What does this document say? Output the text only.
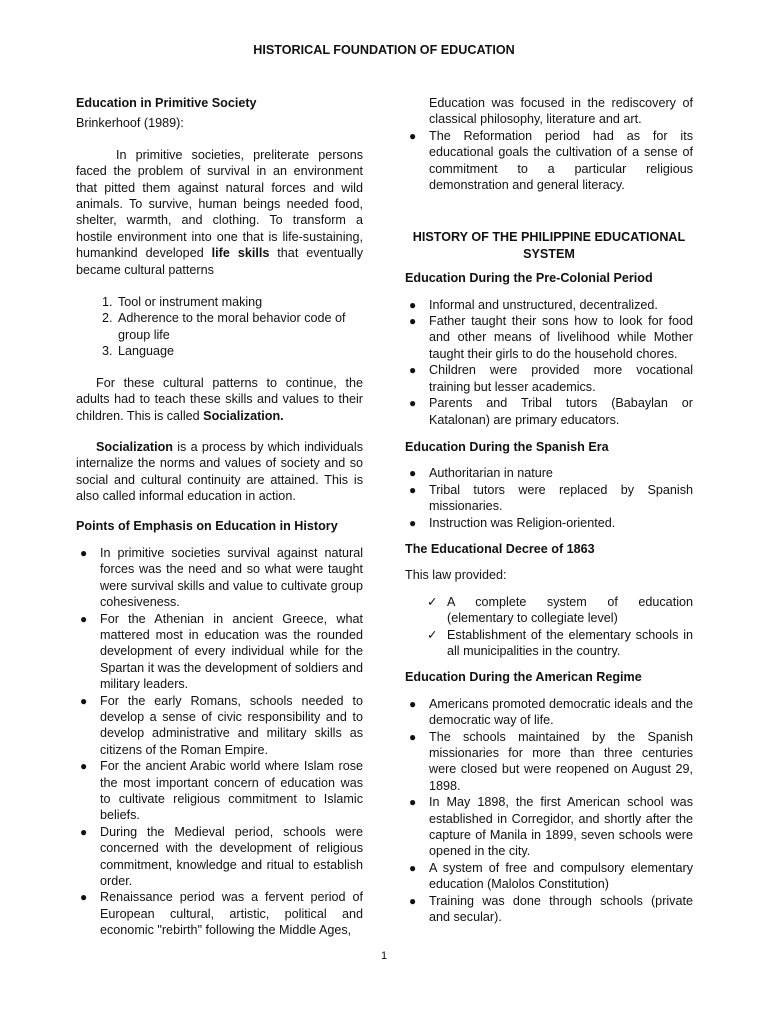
HISTORICAL FOUNDATION OF EDUCATION
Education in Primitive Society

Brinkerhoof (1989):

In primitive societies, preliterate persons faced the problem of survival in an environment that pitted them against natural forces and wild animals. To survive, human beings needed food, shelter, warmth, and clothing. To transform a hostile environment into one that is life-sustaining, humankind developed life skills that eventually became cultural patterns

1. Tool or instrument making
2. Adherence to the moral behavior code of group life
3. Language

For these cultural patterns to continue, the adults had to teach these skills and values to their children. This is called Socialization.

Socialization is a process by which individuals internalize the norms and values of society and so social and cultural continuity are attained. This is also called informal education in action.

Points of Emphasis on Education in History
● In primitive societies survival against natural forces was the need and so what were taught were survival skills and value to cultivate group cohesiveness.
● For the Athenian in ancient Greece, what mattered most in education was the rounded development of every individual while for the Spartan it was the development of soldiers and military leaders.
● For the early Romans, schools needed to develop a sense of civic responsibility and to develop administrative and military skills as citizens of the Roman Empire.
● For the ancient Arabic world where Islam rose the most important concern of education was to cultivate religious commitment to Islamic beliefs.
● During the Medieval period, schools were concerned with the development of religious commitment, knowledge and ritual to establish order.
● Renaissance period was a fervent period of European cultural, artistic, political and economic "rebirth" following the Middle Ages,

Education was focused in the rediscovery of classical philosophy, literature and art.

● The Reformation period had as for its educational goals the cultivation of a sense of commitment to a particular religious demonstration and general literacy.
HISTORY OF THE PHILIPPINE EDUCATIONAL SYSTEM
Education During the Pre-Colonial Period
● Informal and unstructured, decentralized.
● Father taught their sons how to look for food and other means of livelihood while Mother taught their girls to do the household chores.
● Children were provided more vocational training but lesser academics.
● Parents and Tribal tutors (Babaylan or Katalonan) are primary educators.
Education During the Spanish Era
● Authoritarian in nature
● Tribal tutors were replaced by Spanish missionaries.
● Instruction was Religion-oriented.
The Educational Decree of 1863

This law provided:

✓ A complete system of education (elementary to collegiate level)
✓ Establishment of the elementary schools in all municipalities in the country.
Education During the American Regime
● Americans promoted democratic ideals and the democratic way of life.
● The schools maintained by the Spanish missionaries for more than three centuries were closed but were reopened on August 29, 1898.
● In May 1898, the first American school was established in Corregidor, and shortly after the capture of Manila in 1899, seven schools were opened in the city.
● A system of free and compulsory elementary education (Malolos Constitution)
● Training was done through schools (private and secular).
1
